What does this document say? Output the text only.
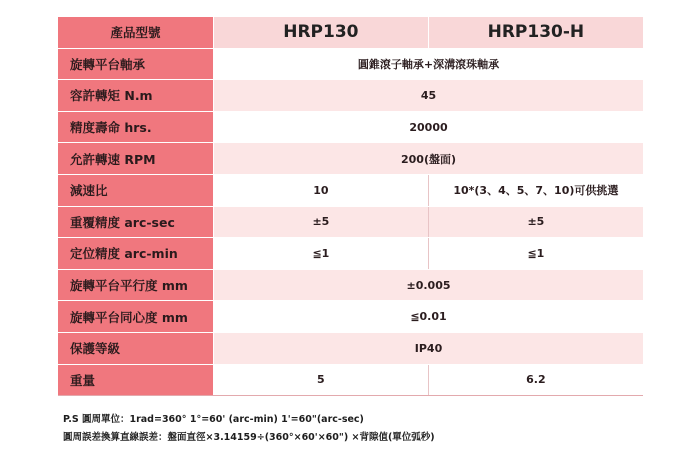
產品型號	HRP130	HRP130-H
旋轉平台軸承	圓錐滾子軸承+深溝滾珠軸承	
容許轉矩 N.m	45	
精度壽命 hrs.	20000	
允許轉速 RPM	200(盤面)	
減速比	10	10*(3、4、5、7、10)可供挑選
重覆精度 arc-sec	±5	±5
定位精度 arc-min	≦1	≦1
旋轉平台平行度 mm	±0.005	
旋轉平台同心度 mm	≦0.01	
保護等級	IP40	
重量	5	6.2
P.S 圓周單位：1rad=360° 1°=60' (arc-min) 1'=60"(arc-sec)
圓周誤差換算直線誤差：盤面直徑×3.14159÷(360°×60'×60") ×背隙值(單位弧秒)
